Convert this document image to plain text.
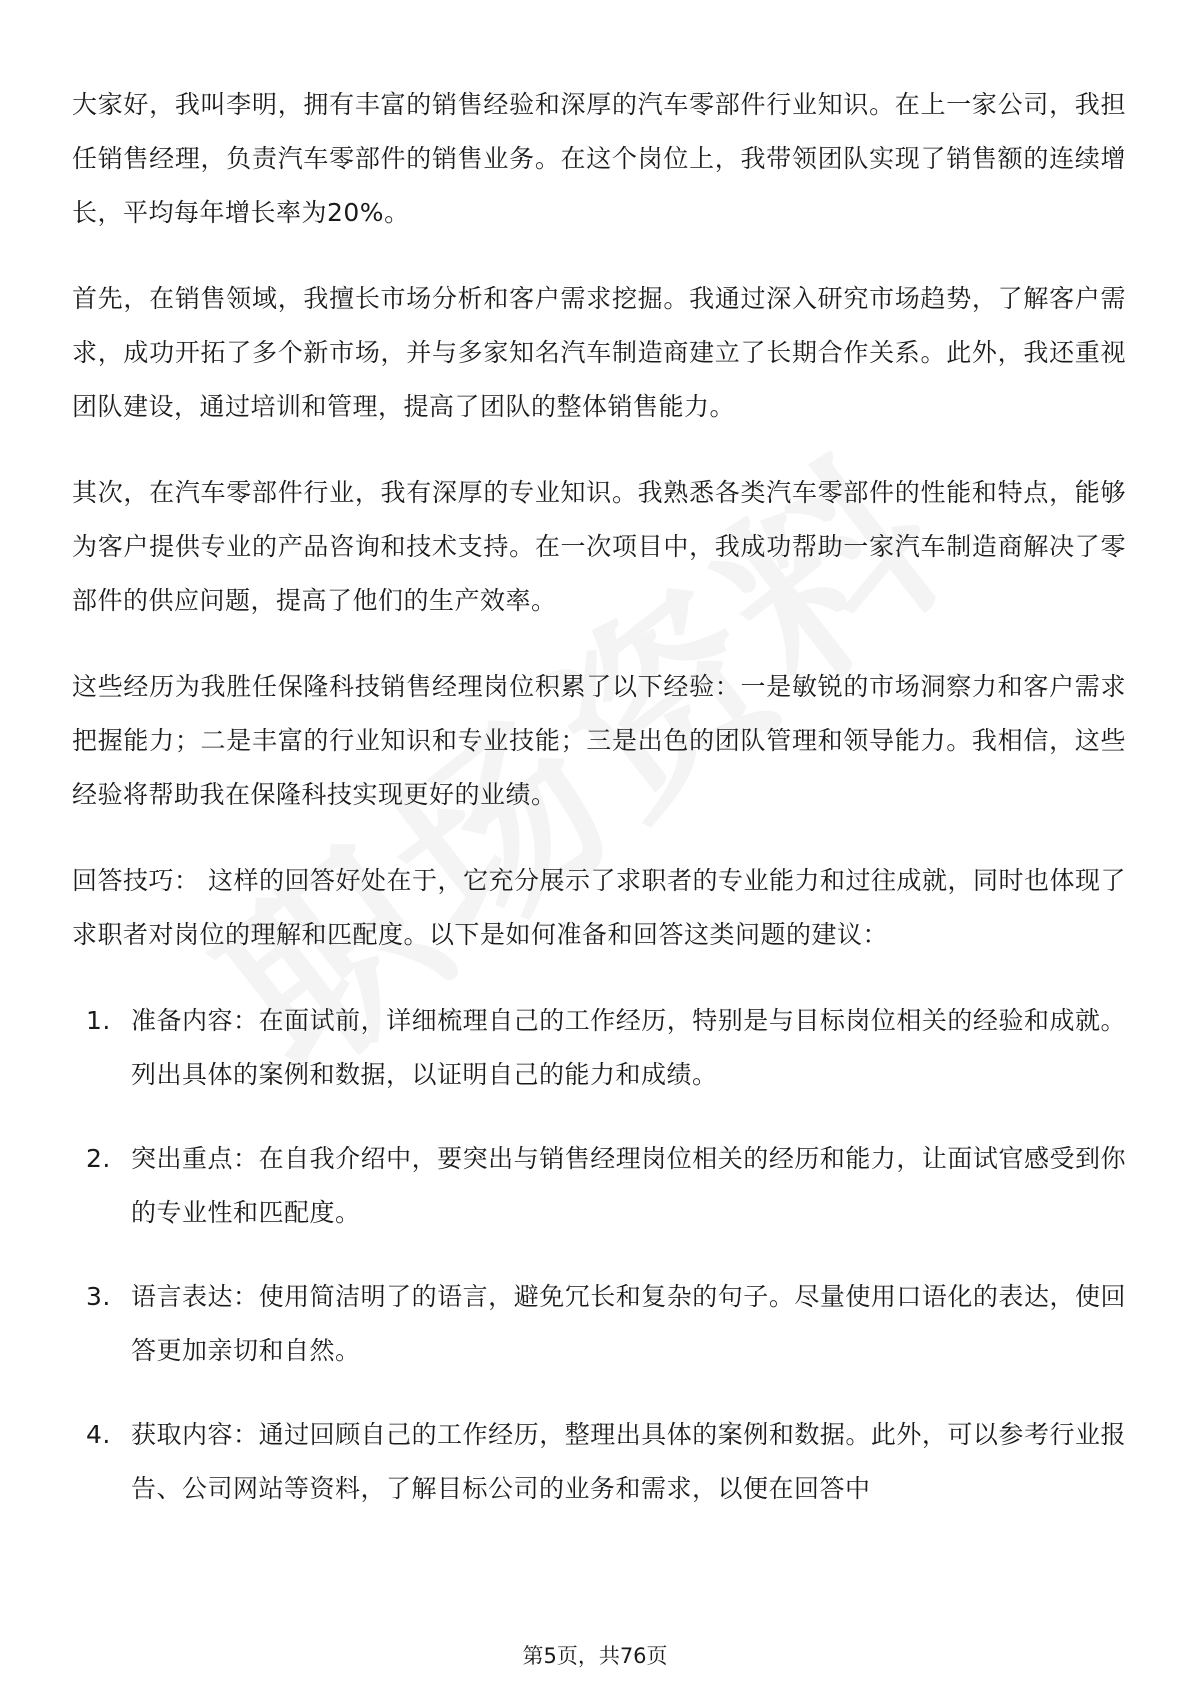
大家好，我叫李明，拥有丰富的销售经验和深厚的汽车零部件行业知识。在上一家公司，我担任销售经理，负责汽车零部件的销售业务。在这个岗位上，我带领团队实现了销售额的连续增长，平均每年增长率为20%。

首先，在销售领域，我擅长市场分析和客户需求挖掘。我通过深入研究市场趋势，了解客户需求，成功开拓了多个新市场，并与多家知名汽车制造商建立了长期合作关系。此外，我还重视团队建设，通过培训和管理，提高了团队的整体销售能力。

其次，在汽车零部件行业，我有深厚的专业知识。我熟悉各类汽车零部件的性能和特点，能够为客户提供专业的产品咨询和技术支持。在一次项目中，我成功帮助一家汽车制造商解决了零部件的供应问题，提高了他们的生产效率。

这些经历为我胜任保隆科技销售经理岗位积累了以下经验：一是敏锐的市场洞察力和客户需求把握能力；二是丰富的行业知识和专业技能；三是出色的团队管理和领导能力。我相信，这些经验将帮助我在保隆科技实现更好的业绩。

回答技巧： 这样的回答好处在于，它充分展示了求职者的专业能力和过往成就，同时也体现了求职者对岗位的理解和匹配度。以下是如何准备和回答这类问题的建议：

1. 准备内容：在面试前，详细梳理自己的工作经历，特别是与目标岗位相关的经验和成就。列出具体的案例和数据，以证明自己的能力和成绩。
2. 突出重点：在自我介绍中，要突出与销售经理岗位相关的经历和能力，让面试官感受到你的专业性和匹配度。
3. 语言表达：使用简洁明了的语言，避免冗长和复杂的句子。尽量使用口语化的表达，使回答更加亲切和自然。
4. 获取内容：通过回顾自己的工作经历，整理出具体的案例和数据。此外，可以参考行业报告、公司网站等资料，了解目标公司的业务和需求，以便在回答中
第5页，共76页
